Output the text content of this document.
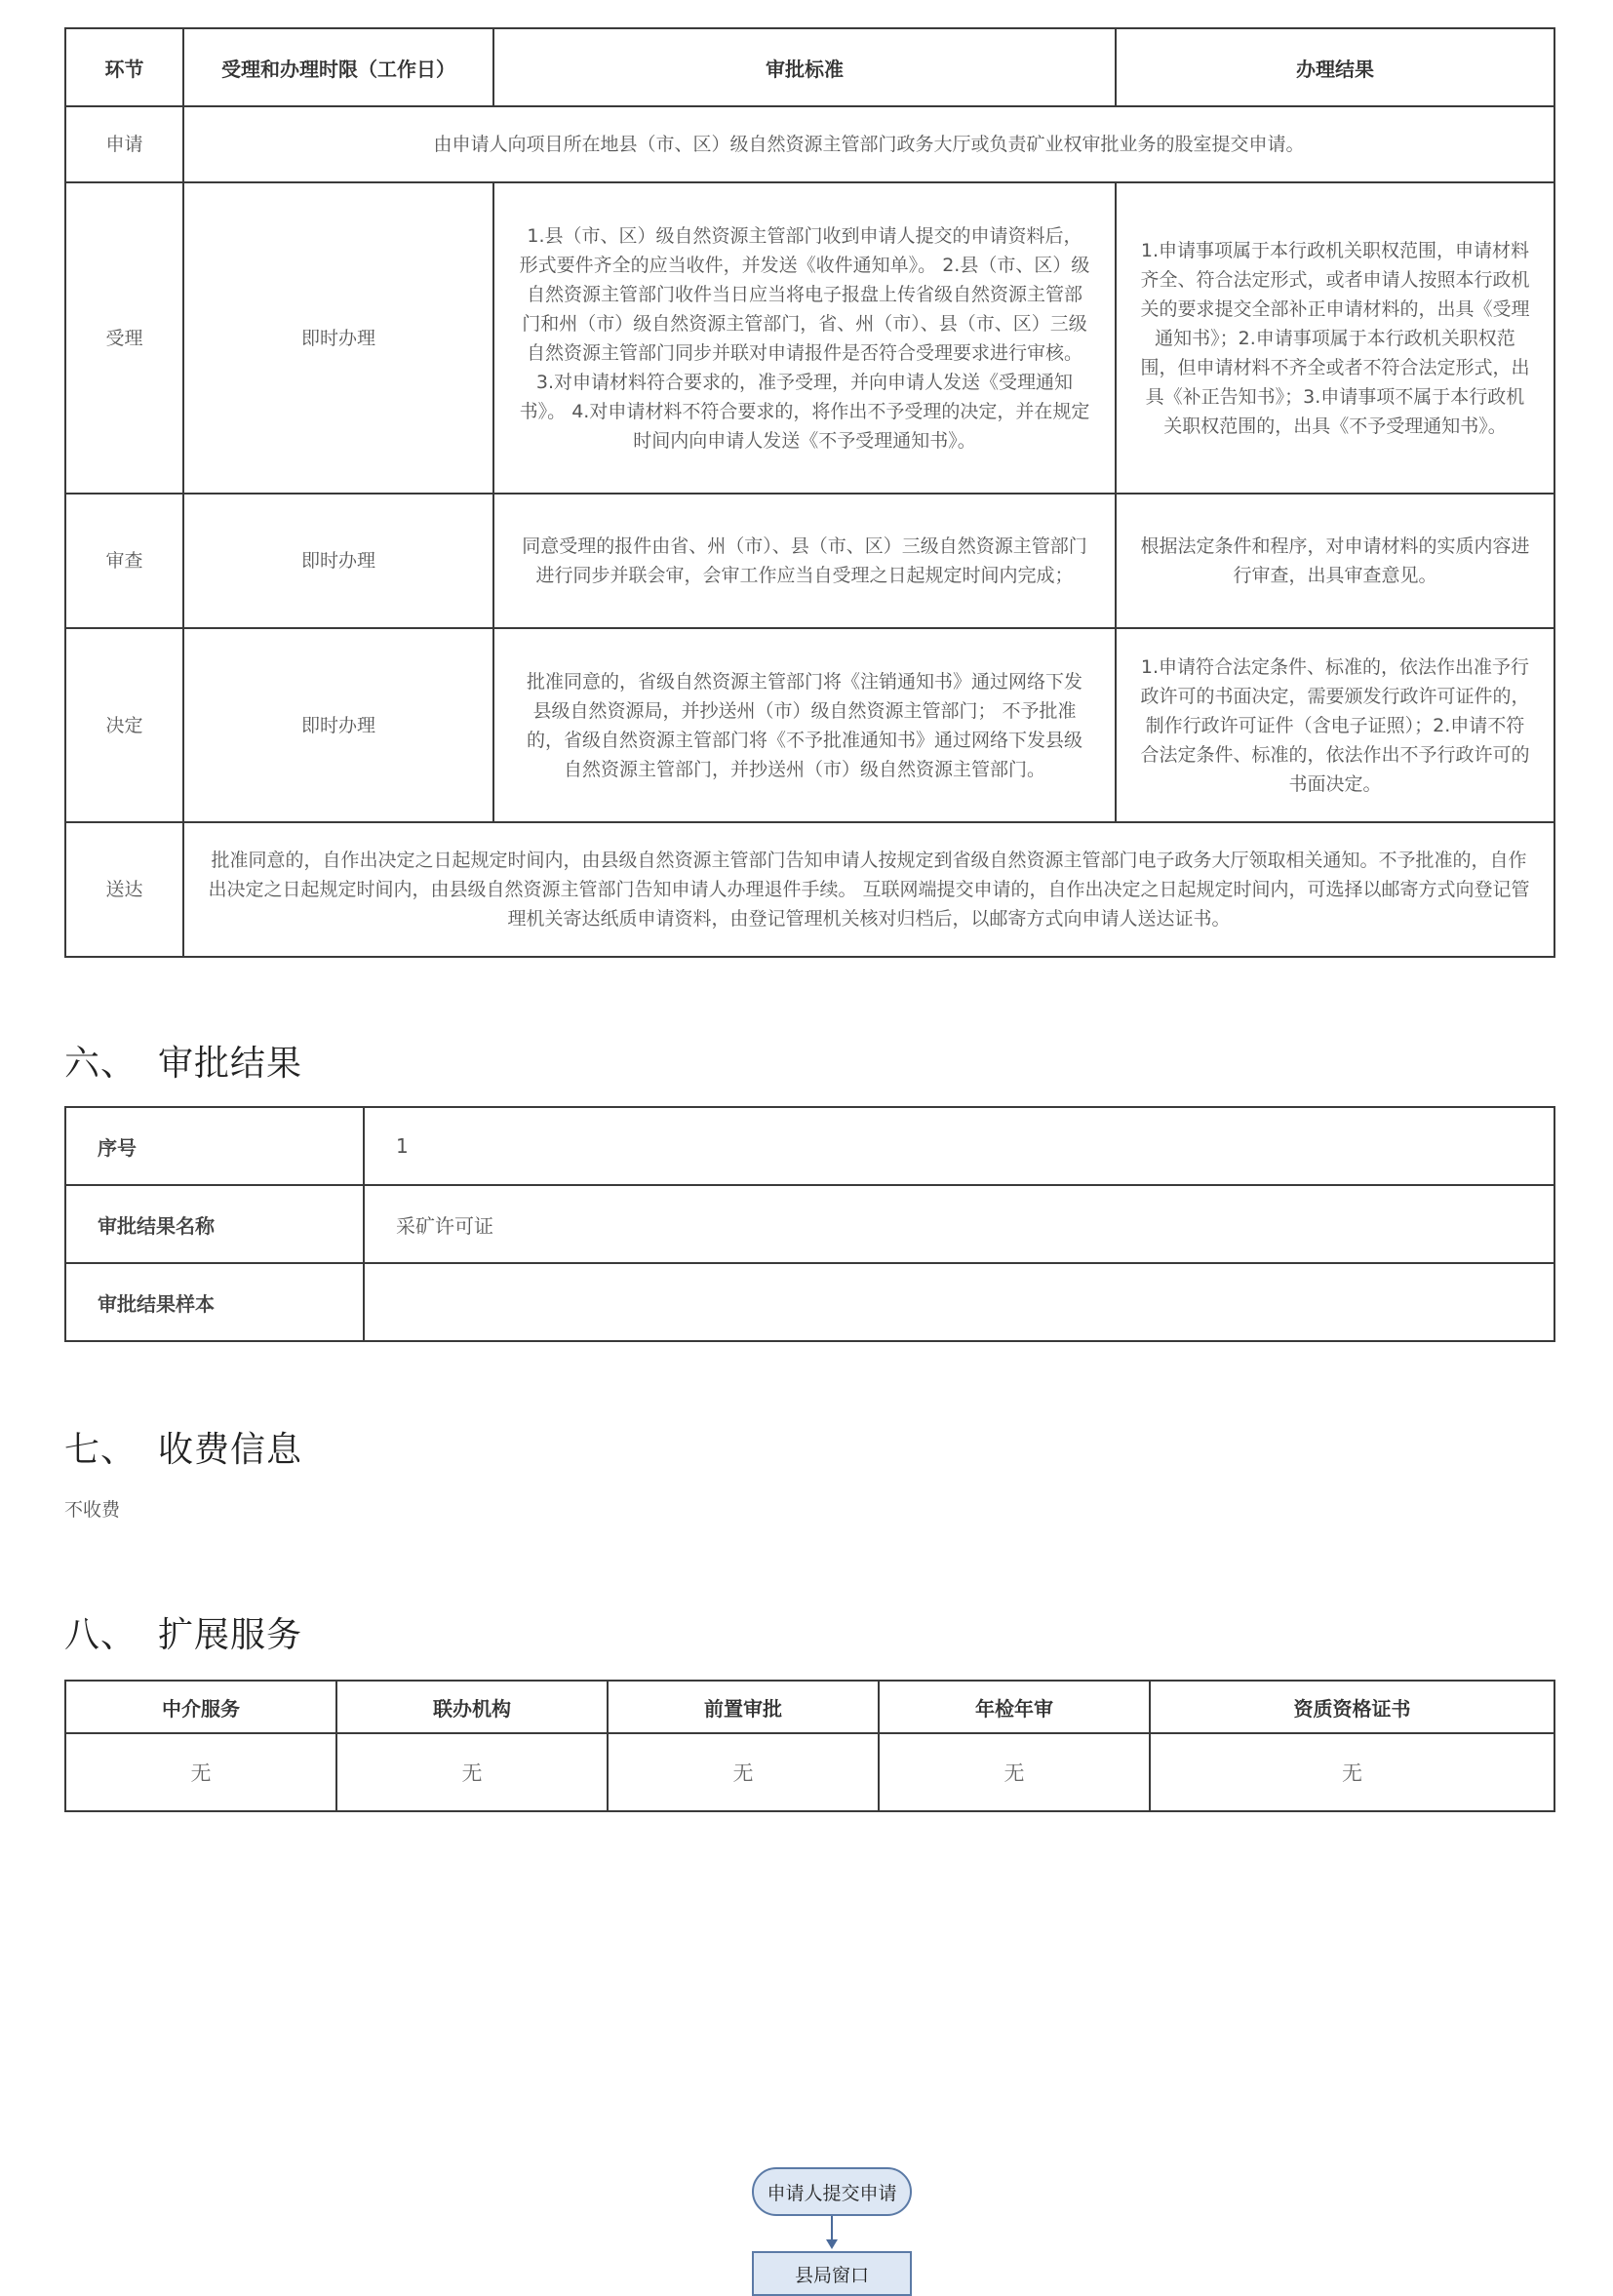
环节	受理和办理时限（工作日）	审批标准	办理结果
申请	由申请人向项目所在地县（市、区）级自然资源主管部门政务大厅或负责矿业权审批业务的股室提交申请。		
受理	即时办理	1.县（市、区）级自然资源主管部门收到申请人提交的申请资料后，形式要件齐全的应当收件，并发送《收件通知单》。 2.县（市、区）级自然资源主管部门收件当日应当将电子报盘上传省级自然资源主管部门和州（市）级自然资源主管部门，省、州（市）、县（市、区）三级自然资源主管部门同步并联对申请报件是否符合受理要求进行审核。 3.对申请材料符合要求的，准予受理，并向申请人发送《受理通知书》。 4.对申请材料不符合要求的，将作出不予受理的决定，并在规定时间内向申请人发送《不予受理通知书》。	1.申请事项属于本行政机关职权范围，申请材料齐全、符合法定形式，或者申请人按照本行政机关的要求提交全部补正申请材料的，出具《受理通知书》；2.申请事项属于本行政机关职权范围，但申请材料不齐全或者不符合法定形式，出具《补正告知书》；3.申请事项不属于本行政机关职权范围的，出具《不予受理通知书》。
审查	即时办理	同意受理的报件由省、州（市）、县（市、区）三级自然资源主管部门进行同步并联会审，会审工作应当自受理之日起规定时间内完成；	根据法定条件和程序，对申请材料的实质内容进行审查，出具审查意见。
决定	即时办理	批准同意的，省级自然资源主管部门将《注销通知书》通过网络下发县级自然资源局，并抄送州（市）级自然资源主管部门； 不予批准的，省级自然资源主管部门将《不予批准通知书》通过网络下发县级自然资源主管部门，并抄送州（市）级自然资源主管部门。	1.申请符合法定条件、标准的，依法作出准予行政许可的书面决定，需要颁发行政许可证件的，制作行政许可证件（含电子证照）；2.申请不符合法定条件、标准的，依法作出不予行政许可的书面决定。
送达	批准同意的，自作出决定之日起规定时间内，由县级自然资源主管部门告知申请人按规定到省级自然资源主管部门电子政务大厅领取相关通知。不予批准的，自作出决定之日起规定时间内，由县级自然资源主管部门告知申请人办理退件手续。 互联网端提交申请的，自作出决定之日起规定时间内，可选择以邮寄方式向登记管理机关寄达纸质申请资料，由登记管理机关核对归档后，以邮寄方式向申请人送达证书。		
六、 审批结果
序号	1
审批结果名称	采矿许可证
审批结果样本	
七、 收费信息
不收费
八、 扩展服务
中介服务	联办机构	前置审批	年检年审	资质资格证书
无	无	无	无	无
申请人提交申请
县局窗口
